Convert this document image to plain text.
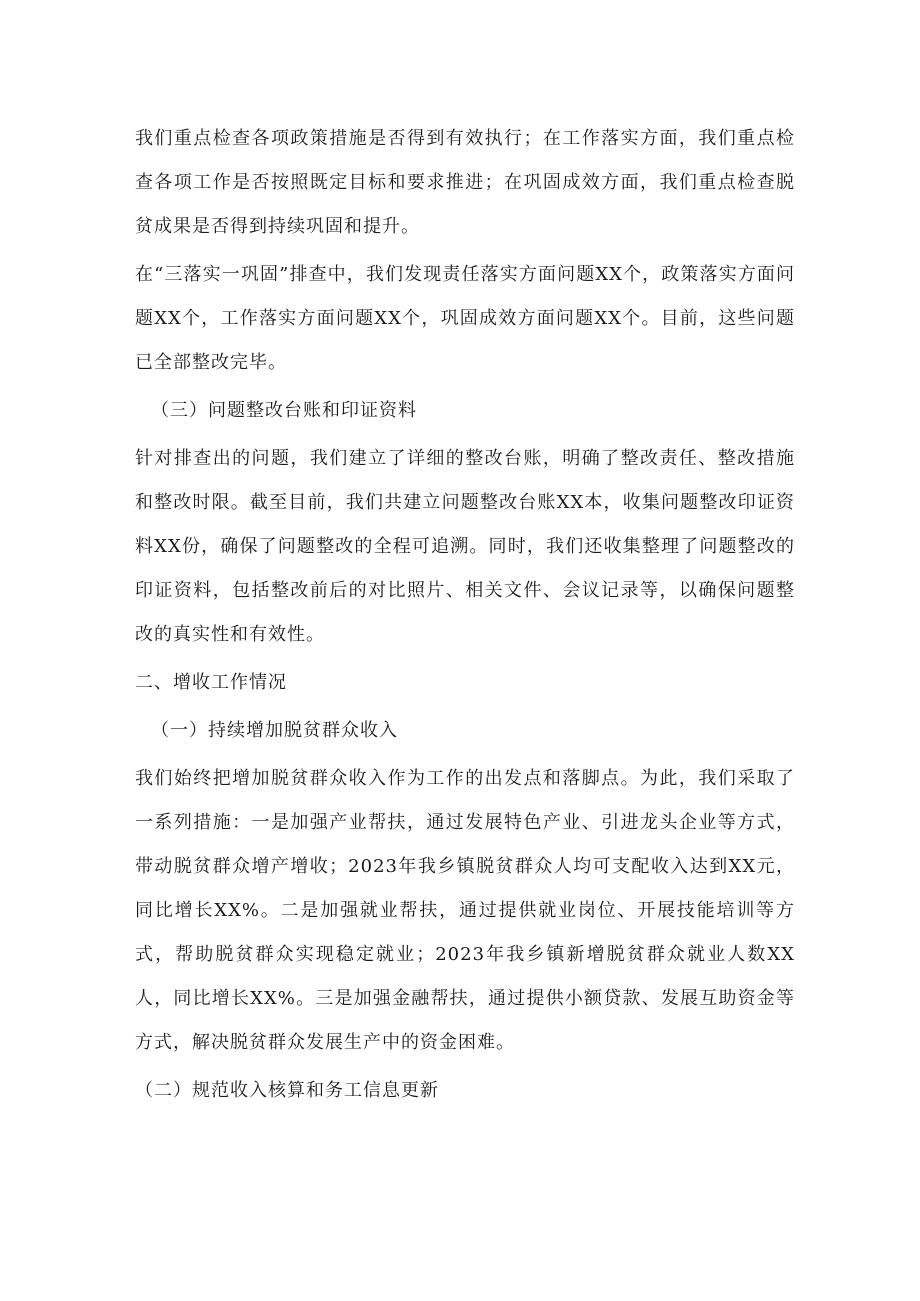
我们重点检查各项政策措施是否得到有效执行；在工作落实方面，我们重点检查各项工作是否按照既定目标和要求推进；在巩固成效方面，我们重点检查脱贫成果是否得到持续巩固和提升。

在“三落实一巩固”排查中，我们发现责任落实方面问题XX个，政策落实方面问题XX个，工作落实方面问题XX个，巩固成效方面问题XX个。目前，这些问题已全部整改完毕。

（三）问题整改台账和印证资料

针对排查出的问题，我们建立了详细的整改台账，明确了整改责任、整改措施和整改时限。截至目前，我们共建立问题整改台账XX本，收集问题整改印证资料XX份，确保了问题整改的全程可追溯。同时，我们还收集整理了问题整改的印证资料，包括整改前后的对比照片、相关文件、会议记录等，以确保问题整改的真实性和有效性。

二、增收工作情况

（一）持续增加脱贫群众收入

我们始终把增加脱贫群众收入作为工作的出发点和落脚点。为此，我们采取了一系列措施：一是加强产业帮扶，通过发展特色产业、引进龙头企业等方式，带动脱贫群众增产增收；2023年我乡镇脱贫群众人均可支配收入达到XX元，同比增长XX%。二是加强就业帮扶，通过提供就业岗位、开展技能培训等方式，帮助脱贫群众实现稳定就业；2023年我乡镇新增脱贫群众就业人数XX人，同比增长XX%。三是加强金融帮扶，通过提供小额贷款、发展互助资金等方式，解决脱贫群众发展生产中的资金困难。

（二）规范收入核算和务工信息更新
